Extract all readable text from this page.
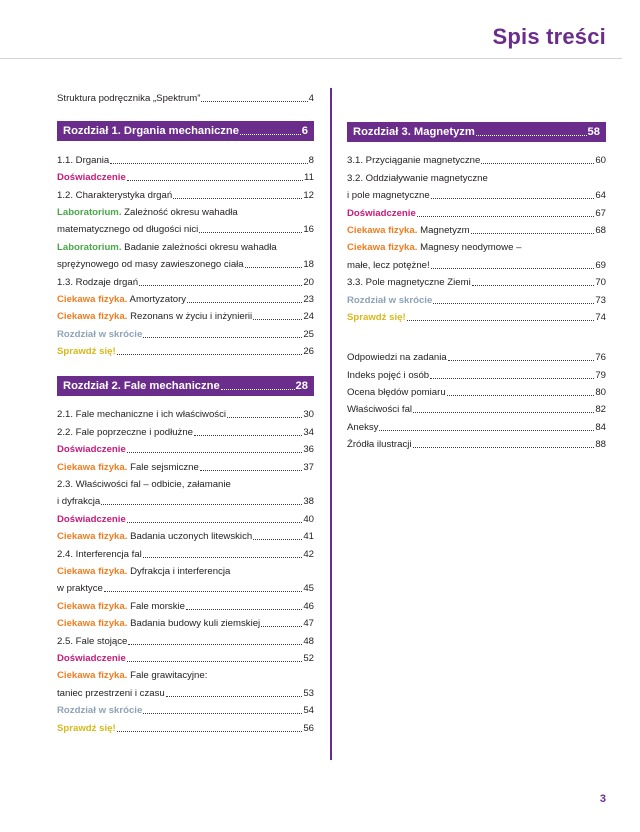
Spis treści
Struktura podręcznika „Spektrum”	4
Rozdział 1. Drgania mechaniczne	6
1.1. Drgania	8
Doświadczenie	11
1.2. Charakterystyka drgań	12
Laboratorium. Zależność okresu wahadła
matematycznego od długości nici	16
Laboratorium. Badanie zależności okresu wahadła
sprężynowego od masy zawieszonego ciała	18
1.3. Rodzaje drgań	20
Ciekawa fizyka. Amortyzatory	23
Ciekawa fizyka. Rezonans w życiu i inżynierii	24
Rozdział w skrócie	25
Sprawdź się!	26
Rozdział 2. Fale mechaniczne	28
2.1. Fale mechaniczne i ich właściwości	30
2.2. Fale poprzeczne i podłużne	34
Doświadczenie	36
Ciekawa fizyka. Fale sejsmiczne	37
2.3. Właściwości fal – odbicie, załamanie
i dyfrakcja	38
Doświadczenie	40
Ciekawa fizyka. Badania uczonych litewskich	41
2.4. Interferencja fal	42
Ciekawa fizyka. Dyfrakcja i interferencja
w praktyce	45
Ciekawa fizyka. Fale morskie	46
Ciekawa fizyka. Badania budowy kuli ziemskiej	47
2.5. Fale stojące	48
Doświadczenie	52
Ciekawa fizyka. Fale grawitacyjne:
taniec przestrzeni i czasu	53
Rozdział w skrócie	54
Sprawdź się!	56
Rozdział 3. Magnetyzm	58
3.1. Przyciąganie magnetyczne	60
3.2. Oddziaływanie magnetyczne
i pole magnetyczne	64
Doświadczenie	67
Ciekawa fizyka. Magnetyzm	68
Ciekawa fizyka. Magnesy neodymowe –
małe, lecz potężne!	69
3.3. Pole magnetyczne Ziemi	70
Rozdział w skrócie	73
Sprawdź się!	74
Odpowiedzi na zadania	76
Indeks pojęć i osób	79
Ocena błędów pomiaru	80
Właściwości fal	82
Aneksy	84
Źródła ilustracji	88
3
